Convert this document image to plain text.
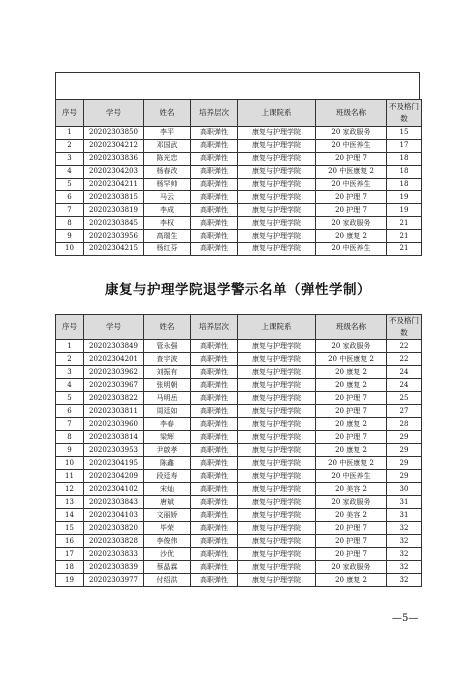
序号	学号	姓名	培养层次	上课院系	班级名称	不及格门数
1	20202303850	李平	高职弹性	康复与护理学院	20 家政服务	15
2	20202304212	邓国武	高职弹性	康复与护理学院	20 中医养生	17
3	20202303836	陈光忠	高职弹性	康复与护理学院	20 护理 7	18
4	20202304203	杨春改	高职弹性	康复与护理学院	20 中医康复 2	18
5	20202304211	杨罕帅	高职弹性	康复与护理学院	20 中医养生	18
6	20202303815	马云	高职弹性	康复与护理学院	20 护理 7	19
7	20202303819	李成	高职弹性	康复与护理学院	20 护理 7	19
8	20202303845	李权	高职弹性	康复与护理学院	20 家政服务	21
9	20202303956	高瑞生	高职弹性	康复与护理学院	20 康复 2	21
10	20202304215	杨红芬	高职弹性	康复与护理学院	20 中医养生	21
康复与护理学院退学警示名单（弹性学制）
序号	学号	姓名	培养层次	上课院系	班级名称	不及格门数
1	20202303849	管永强	高职弹性	康复与护理学院	20 家政服务	22
2	20202304201	查宇波	高职弹性	康复与护理学院	20 中医康复 2	22
3	20202303962	刘振有	高职弹性	康复与护理学院	20 康复 2	24
4	20202303967	张明朝	高职弹性	康复与护理学院	20 康复 2	24
5	20202303822	马明岳	高职弹性	康复与护理学院	20 护理 7	25
6	20202303811	周廷如	高职弹性	康复与护理学院	20 护理 7	27
7	20202303960	李春	高职弹性	康复与护理学院	20 康复 2	28
8	20202303814	梁辉	高职弹性	康复与护理学院	20 护理 7	29
9	20202303953	尹啟孝	高职弹性	康复与护理学院	20 康复 2	29
10	20202304195	陈鑫	高职弹性	康复与护理学院	20 中医康复 2	29
11	20202304209	段廷寿	高职弹性	康复与护理学院	20 中医养生	29
12	20202304102	宋灿	高职弹性	康复与护理学院	20 美容 2	30
13	20202303843	唐斌	高职弹性	康复与护理学院	20 家政服务	31
14	20202304103	文丽娇	高职弹性	康复与护理学院	20 美容 2	31
15	20202303820	毕荣	高职弹性	康复与护理学院	20 护理 7	32
16	20202303828	李俊伟	高职弹性	康复与护理学院	20 护理 7	32
17	20202303833	沙优	高职弹性	康复与护理学院	20 护理 7	32
18	20202303839	蔡晶霖	高职弹性	康复与护理学院	20 家政服务	32
19	20202303977	付绍洪	高职弹性	康复与护理学院	20 康复 2	32
—5—
